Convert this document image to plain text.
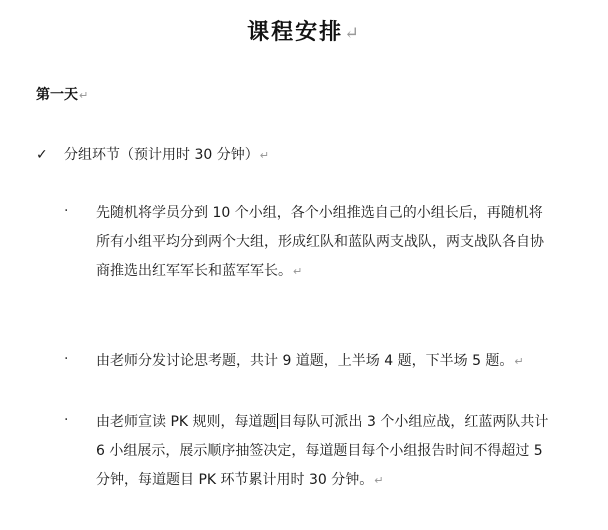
课程安排↵
第一天↵
✓ 分组环节（预计用时 30 分钟）↵
· 先随机将学员分到 10 个小组，各个小组推选自己的小组长后，再随机将
所有小组平均分到两个大组，形成红队和蓝队两支战队，两支战队各自协
商推选出红军军长和蓝军军长。↵
· 由老师分发讨论思考题，共计 9 道题，上半场 4 题，下半场 5 题。↵
· 由老师宣读 PK 规则，每道题 目每队可派出 3 个小组应战，红蓝两队共计
6 小组展示，展示顺序抽签决定，每道题目每个小组报告时间不得超过 5
分钟，每道题目 PK 环节累计用时 30 分钟。↵
